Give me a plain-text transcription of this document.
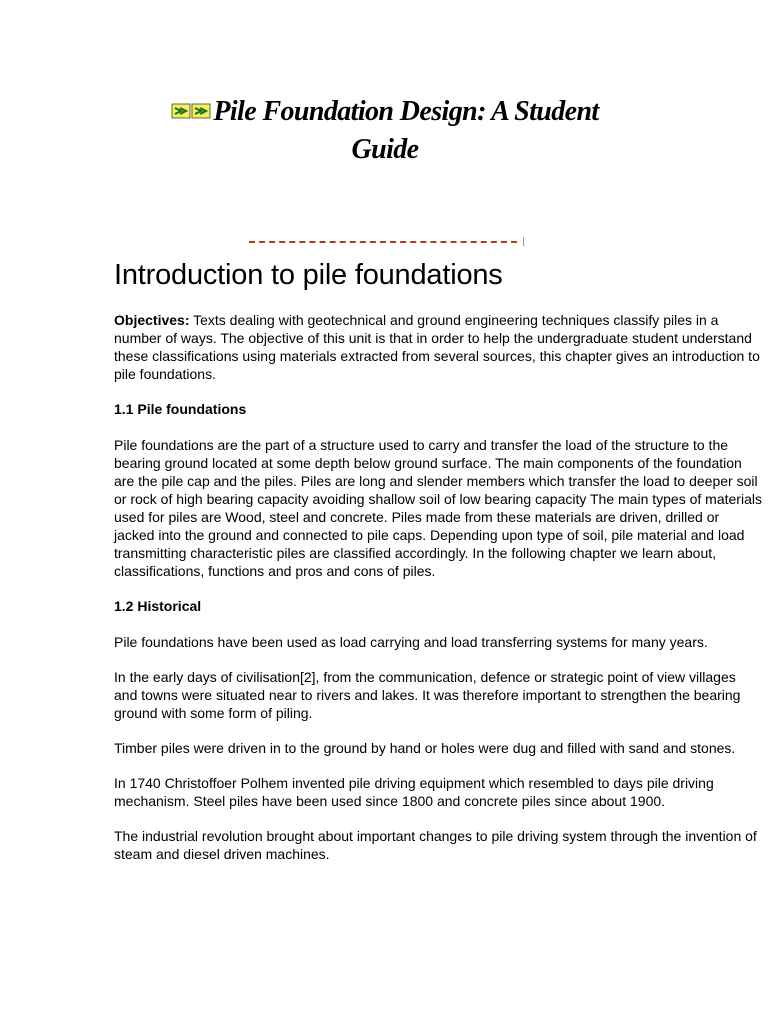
Pile Foundation Design: A Student Guide
Introduction to pile foundations

Objectives: Texts dealing with geotechnical and ground engineering techniques classify piles in a number of ways. The objective of this unit is that in order to help the undergraduate student understand these classifications using materials extracted from several sources, this chapter gives an introduction to pile foundations.

1.1 Pile foundations

Pile foundations are the part of a structure used to carry and transfer the load of the structure to the bearing ground located at some depth below ground surface. The main components of the foundation are the pile cap and the piles. Piles are long and slender members which transfer the load to deeper soil or rock of high bearing capacity avoiding shallow soil of low bearing capacity The main types of materials used for piles are Wood, steel and concrete. Piles made from these materials are driven, drilled or jacked into the ground and connected to pile caps. Depending upon type of soil, pile material and load transmitting characteristic piles are classified accordingly. In the following chapter we learn about, classifications, functions and pros and cons of piles.

1.2 Historical

Pile foundations have been used as load carrying and load transferring systems for many years.

In the early days of civilisation[2], from the communication, defence or strategic point of view villages and towns were situated near to rivers and lakes. It was therefore important to strengthen the bearing ground with some form of piling.

Timber piles were driven in to the ground by hand or holes were dug and filled with sand and stones.

In 1740 Christoffoer Polhem invented pile driving equipment which resembled to days pile driving mechanism. Steel piles have been used since 1800 and concrete piles since about 1900.

The industrial revolution brought about important changes to pile driving system through the invention of steam and diesel driven machines.
